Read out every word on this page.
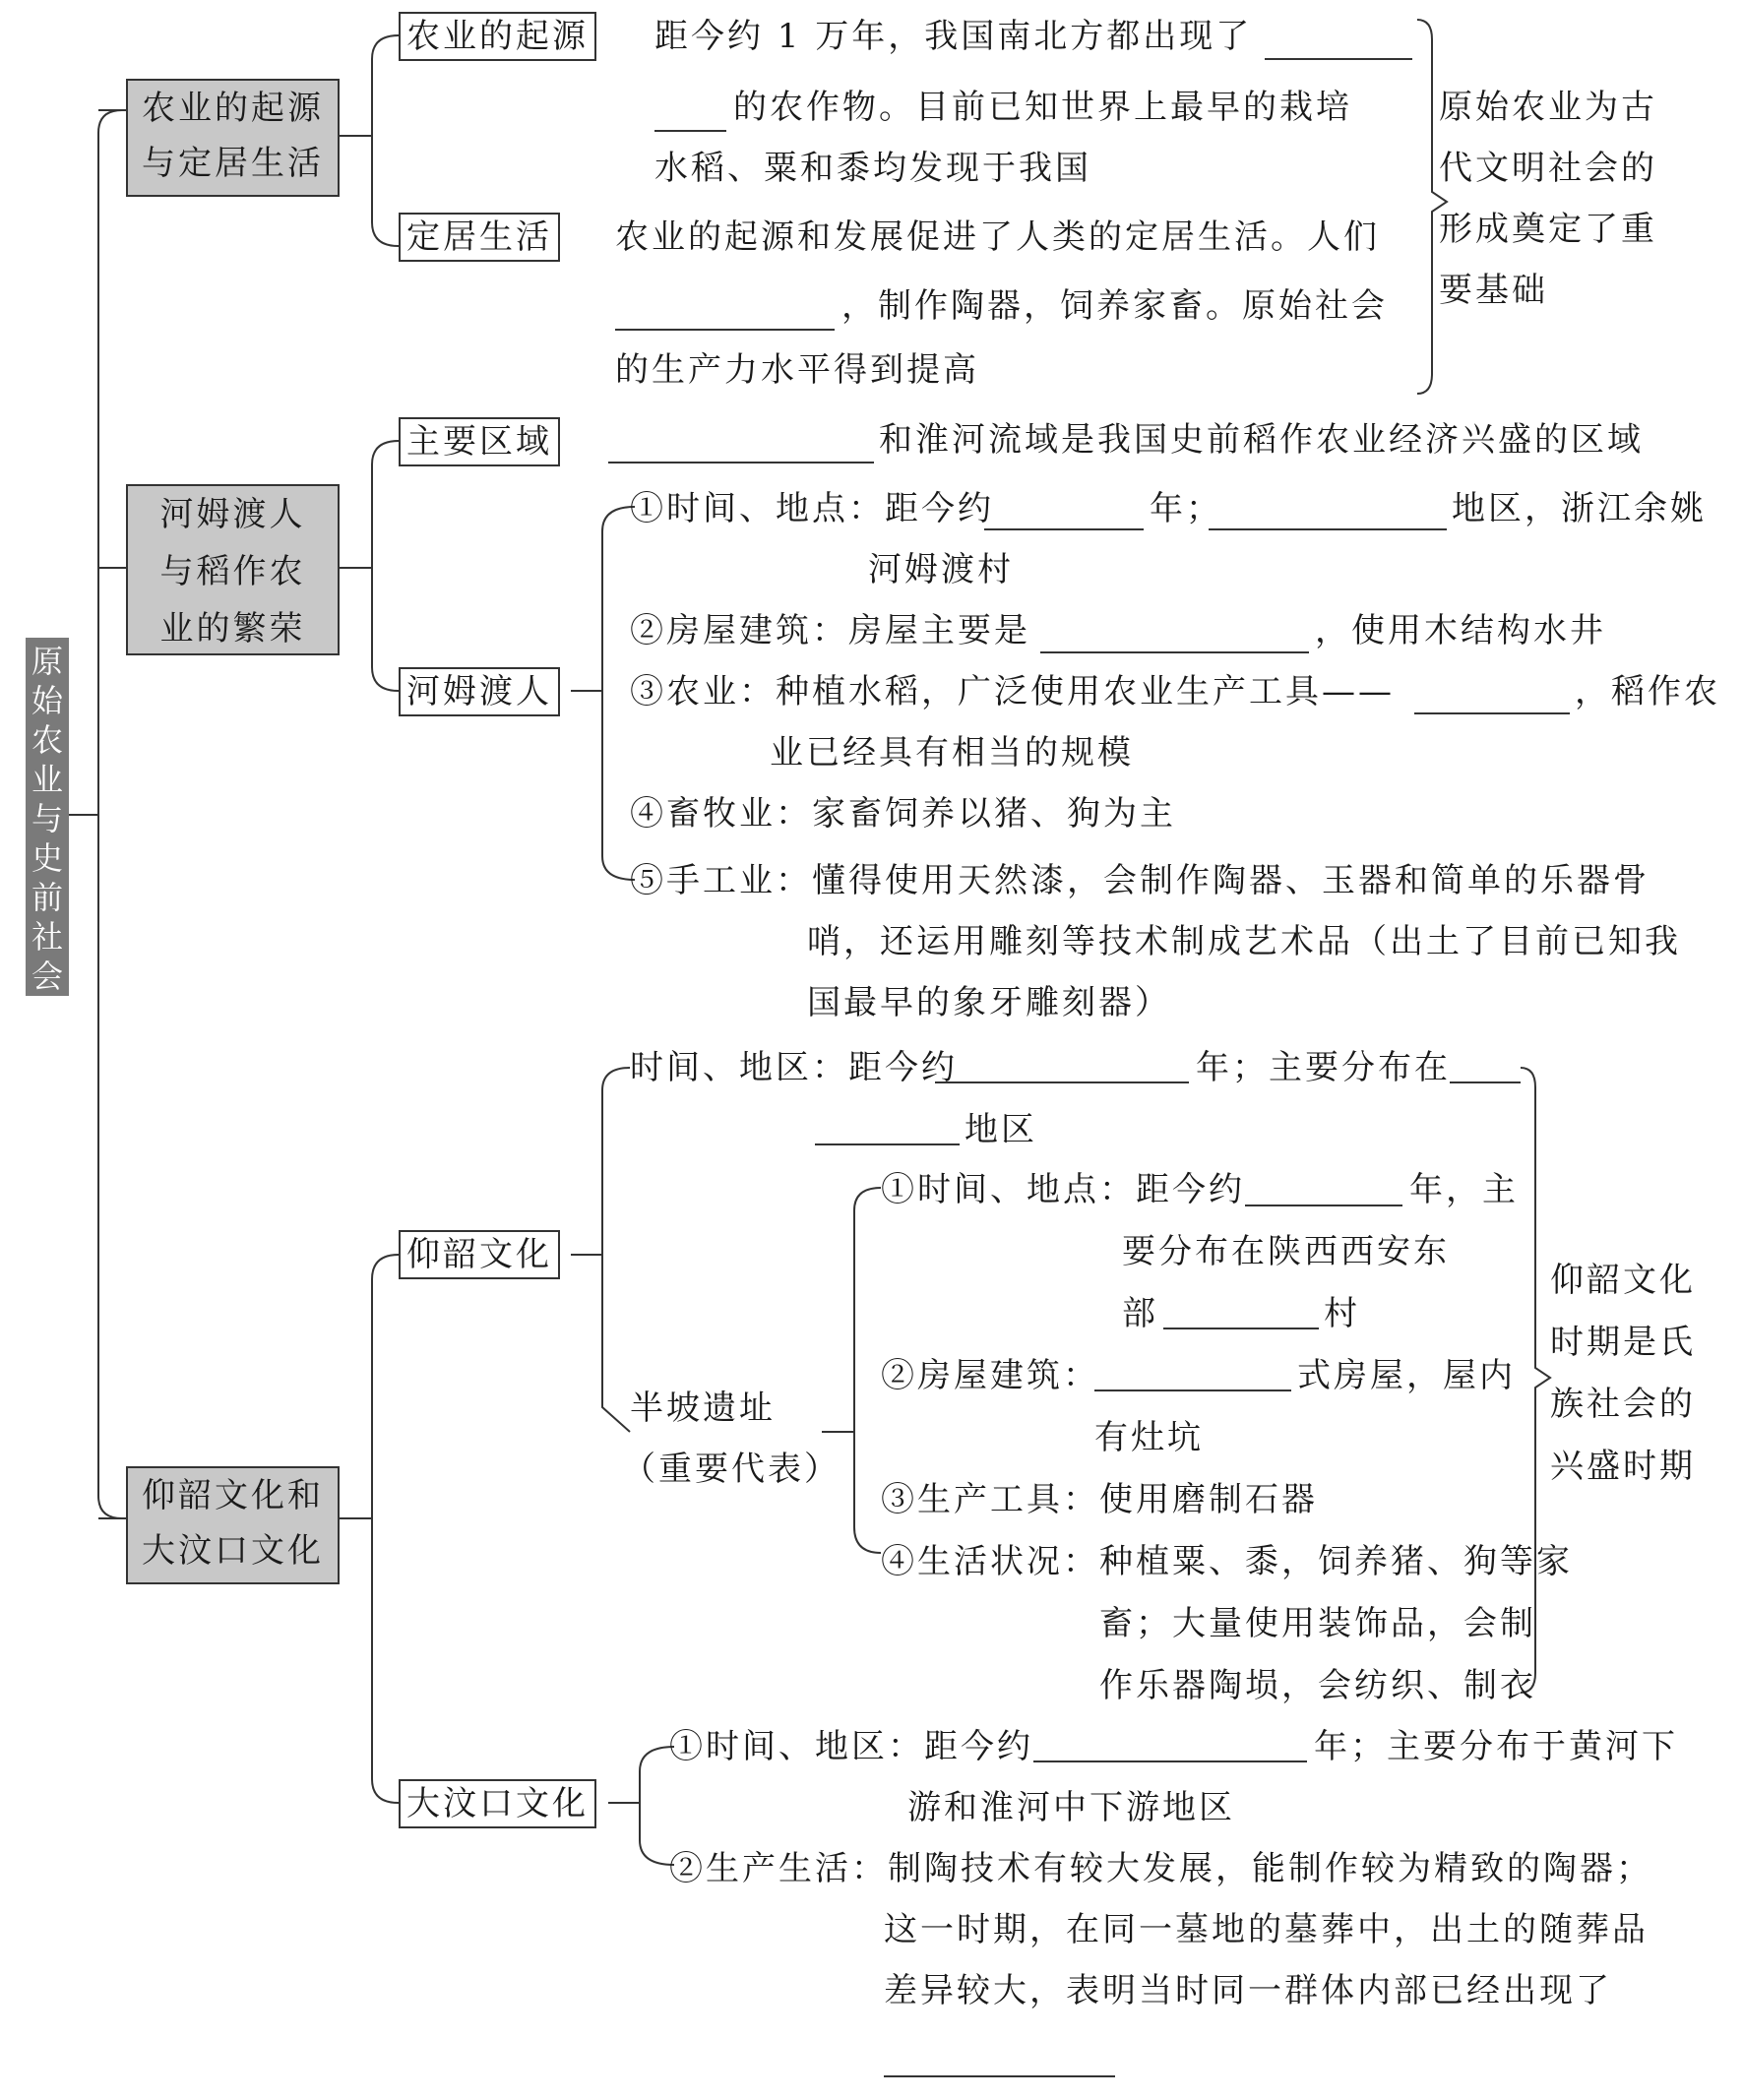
原
始
农
业
与
史
前
社
会
农业的起源
与定居生活
农业的起源 距今约 1 万年，我国南北方都出现了
的农作物。目前已知世界上最早的栽培
水稻、粟和黍均发现于我国
定居生活 农业的起源和发展促进了人类的定居生活。人们
，制作陶器，饲养家畜。原始社会
的生产力水平得到提高
原始农业为古
代文明社会的
形成奠定了重
要基础
河姆渡人
与稻作农
业的繁荣
主要区域	和淮河流域是我国史前稻作农业经济兴盛的区域
河姆渡人
①时间、地点：距今约	年；	地区，浙江余姚
河姆渡村
②房屋建筑：房屋主要是	，使用木结构水井
③农业：种植水稻，广泛使用农业生产工具——	，稻作农
业已经具有相当的规模
④畜牧业：家畜饲养以猪、狗为主
⑤手工业：懂得使用天然漆，会制作陶器、玉器和简单的乐器骨
哨，还运用雕刻等技术制成艺术品（出土了目前已知我
国最早的象牙雕刻器）
仰韶文化和
大汶口文化
仰韶文化
时间、地区：距今约	年；主要分布在
地区
半坡遗址
（重要代表）
①时间、地点：距今约	年，主
要分布在陕西西安东
部	村
②房屋建筑：	式房屋，屋内
有灶坑
③生产工具：使用磨制石器
④生活状况：种植粟、黍，饲养猪、狗等家
畜；大量使用装饰品，会制
作乐器陶埙，会纺织、制衣
仰韶文化
时期是氏
族社会的
兴盛时期
大汶口文化
①时间、地区：距今约	年；主要分布于黄河下
游和淮河中下游地区
②生产生活：制陶技术有较大发展，能制作较为精致的陶器；
这一时期，在同一墓地的墓葬中，出土的随葬品
差异较大，表明当时同一群体内部已经出现了
